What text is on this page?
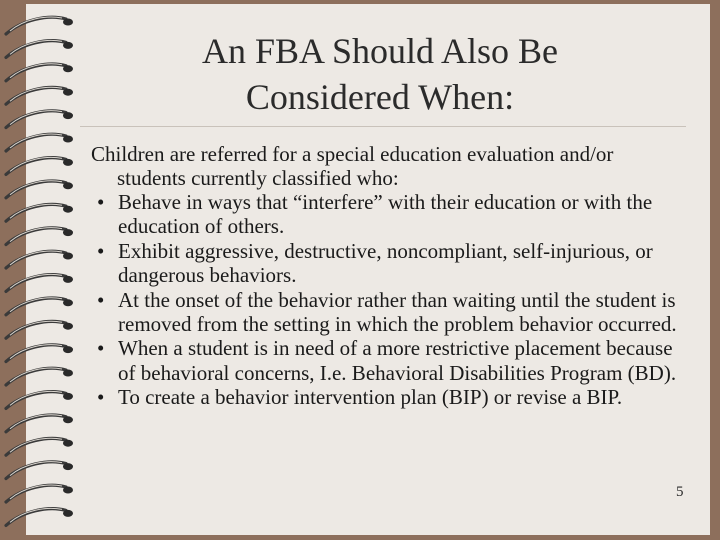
An FBA Should Also Be
Considered When:

Children are referred for a special education evaluation and/or students currently classified who:

• Behave in ways that “interfere” with their education or with the education of others.
• Exhibit aggressive, destructive, noncompliant, self-injurious, or dangerous behaviors.
• At the onset of the behavior rather than waiting until the student is removed from the setting in which the problem behavior occurred.
• When a student is in need of a more restrictive placement because of behavioral concerns, I.e. Behavioral Disabilities Program (BD).
• To create a behavior intervention plan (BIP) or revise a BIP.
5
